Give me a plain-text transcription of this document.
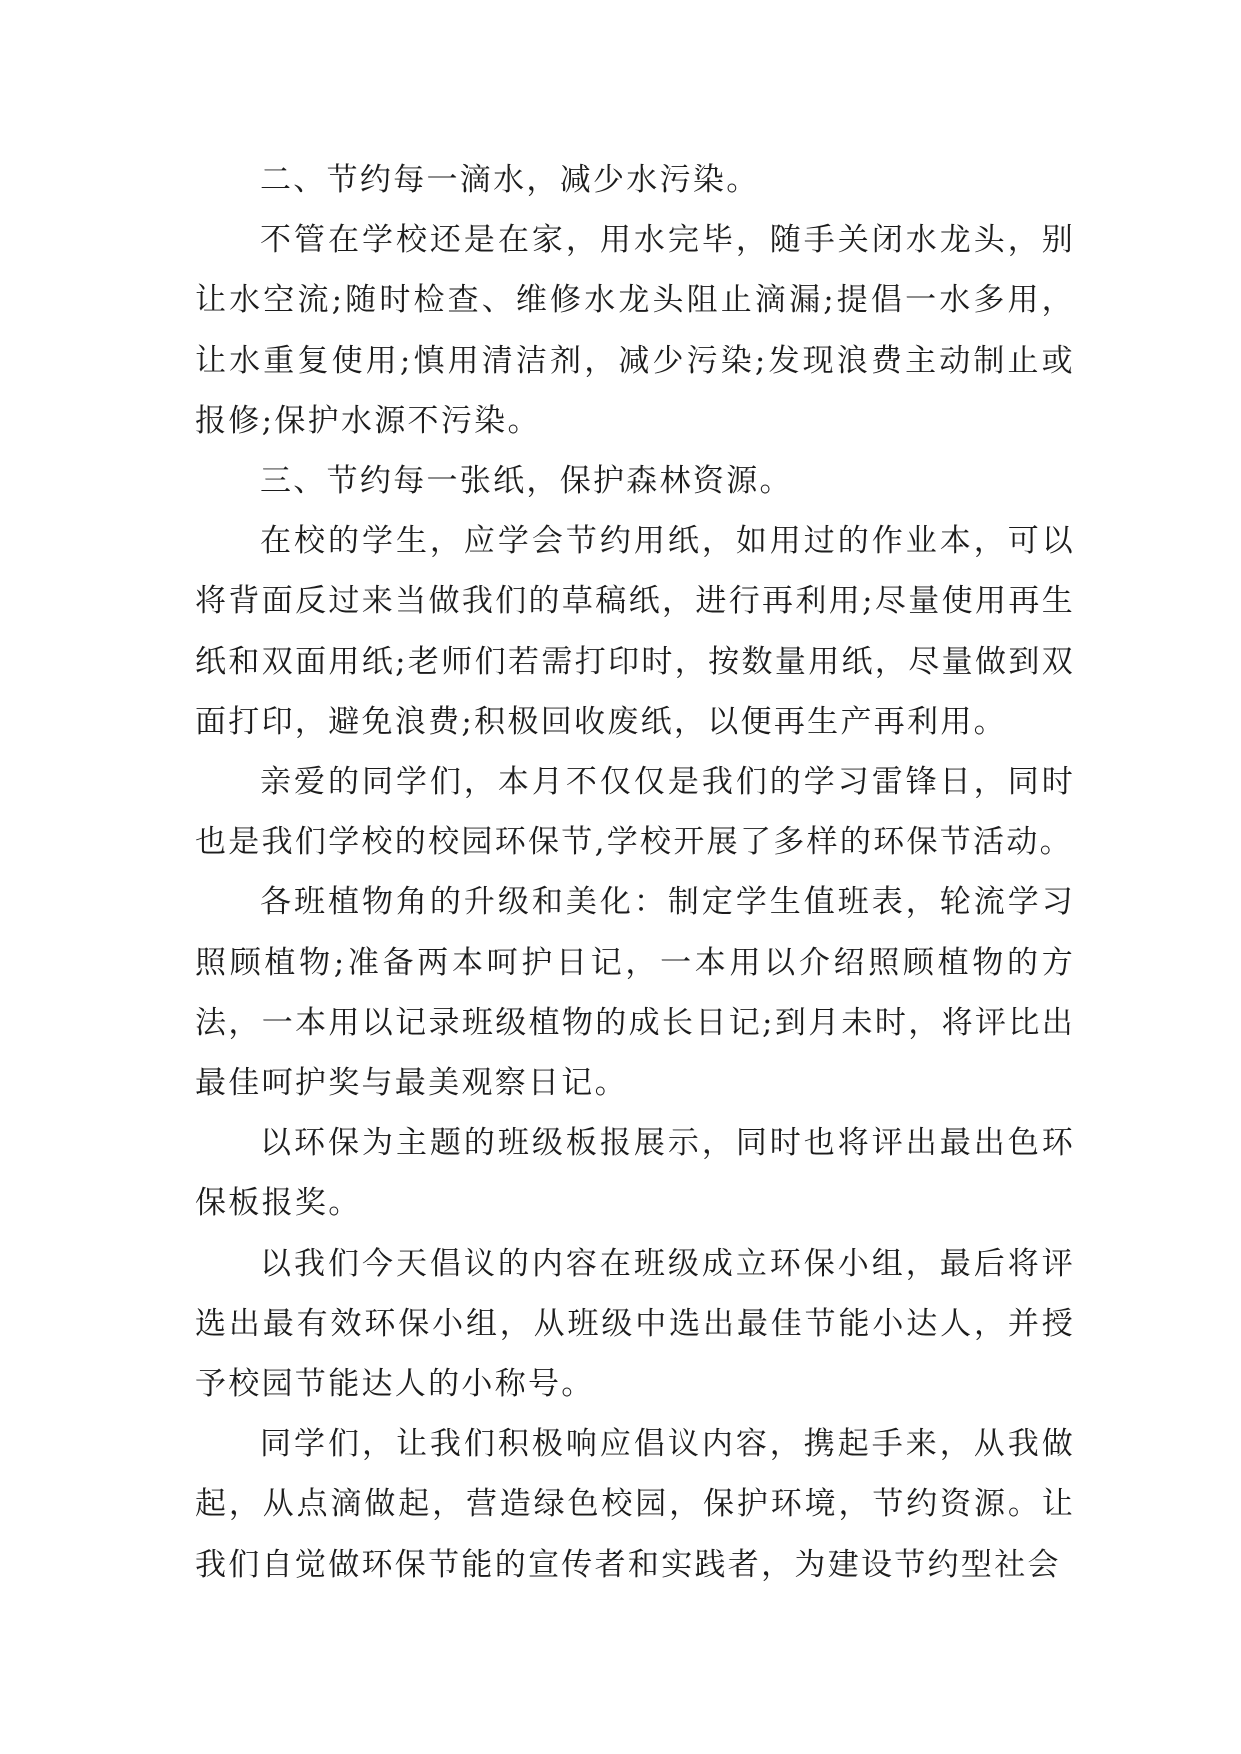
二、节约每一滴水，减少水污染。

不管在学校还是在家，用水完毕，随手关闭水龙头，别让水空流;随时检查、维修水龙头阻止滴漏;提倡一水多用，让水重复使用;慎用清洁剂，减少污染;发现浪费主动制止或报修;保护水源不污染。

三、节约每一张纸，保护森林资源。

在校的学生，应学会节约用纸，如用过的作业本，可以将背面反过来当做我们的草稿纸，进行再利用;尽量使用再生纸和双面用纸;老师们若需打印时，按数量用纸，尽量做到双面打印，避免浪费;积极回收废纸，以便再生产再利用。

亲爱的同学们，本月不仅仅是我们的学习雷锋日，同时也是我们学校的校园环保节,学校开展了多样的环保节活动。

各班植物角的升级和美化：制定学生值班表，轮流学习照顾植物;准备两本呵护日记，一本用以介绍照顾植物的方法，一本用以记录班级植物的成长日记;到月未时，将评比出最佳呵护奖与最美观察日记。

以环保为主题的班级板报展示，同时也将评出最出色环保板报奖。

以我们今天倡议的内容在班级成立环保小组，最后将评选出最有效环保小组，从班级中选出最佳节能小达人，并授予校园节能达人的小称号。

同学们，让我们积极响应倡议内容，携起手来，从我做起，从点滴做起，营造绿色校园，保护环境，节约资源。让我们自觉做环保节能的宣传者和实践者，为建设节约型社会
